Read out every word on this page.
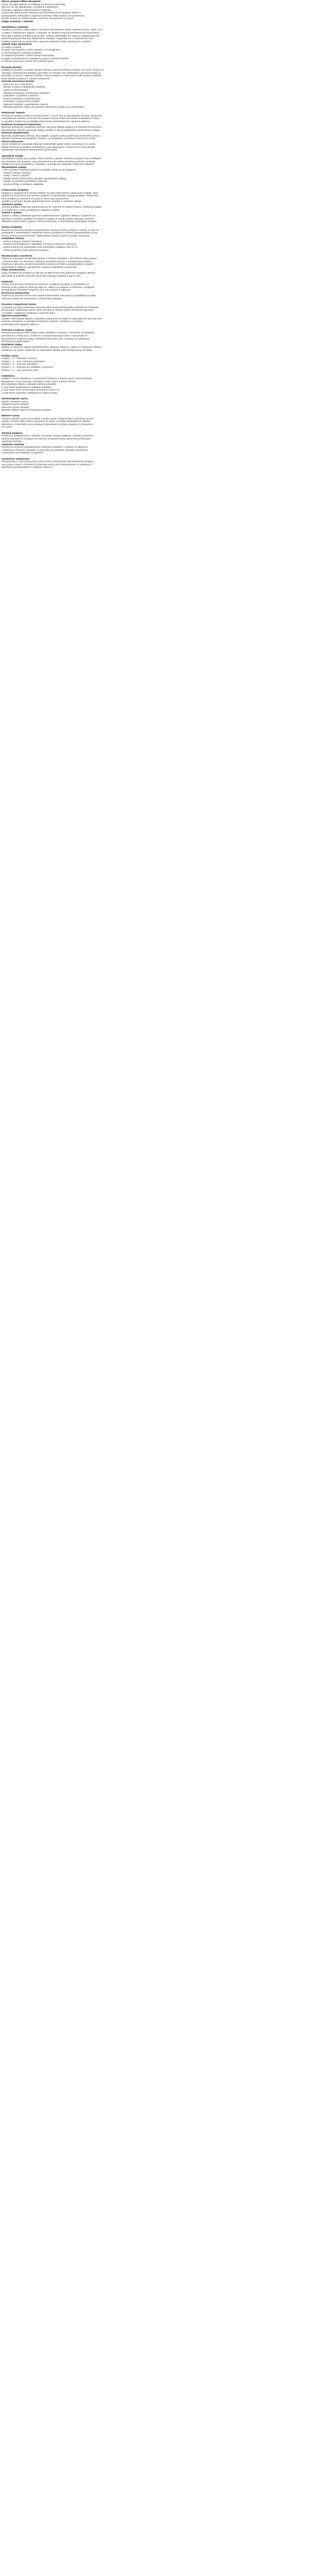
Hlavní příjemci/Main Recipient
Plnění dle této žádosti se vztahuje na smluvní podmínky,
kterými se řídí objednávka, schválená rozpočtová
pravidla a zadávací dokumentace Programu.
Žádost lze podat pouze elektronicky prostřednictvím aplikace ISKP21+
podepsaného statutárním orgánem žadatele nebo osobou jím pověřenou.
Podání žádosti je možné pouze v termínu stanoveném ve výzvě.
Údaje uvedené v žádosti:
Identifikace žadatele
Žadatel je povinen uvést úplné a pravdivé identifikační údaje, zejména název, sídlo, IČO
a údaje o statutárním orgánu. V případě, že žadatel jedná prostřednictvím zmocněnce,
musí být k žádosti přiložena plná moc. Změny identifikačních údajů je žadatel povinen
oznámit poskytovateli bez zbytečného odkladu, nejpozději do 15 pracovních dnů.
Žadatel odpovídá za správnost a úplnost veškerých údajů uvedených v žádosti.
Žádost musí obsahovat:
a) název projektu,
b) popis cílů projektu a jeho souladu s cíli programu,
c) harmonogram realizace projektu,
d) rozpočet projektu včetně zdrojů financování,
e) popis monitorovacích indikátorů a jejich cílových hodnot,
f) seznam povinných příloh dle pravidel výzvy.
Povinné přílohy
Žadatel je povinen k žádosti doložit všechny povinné přílohy uvedené ve výzvě. Přílohy se
vkládají v elektronické podobě, zpravidla ve formátu PDF. Nedoložení povinné přílohy je
důvodem k výzvě k doplnění žádosti. Pokud žadatel ve stanovené lhůtě přílohu nedoloží,
bude žádost vyřazena z dalšího hodnocení.
Seznam povinných příloh:
– plná moc (je-li relevantní),
– doklad o právní subjektivitě žadatele,
– studie proveditelnosti,
– doklady prokazující vlastnickou strukturu,
– prohlášení o podniku v obtížích,
– čestné prohlášení o bezdlužnosti,
– prohlášení o skutečném majiteli,
– rozpočet projektu v podrobném členění,
– stavební povolení nebo jiné opatření stavebního úřadu (je-li relevantní).
Hodnocení žádosti
Hodnocení žádostí probíhá ve dvou fázích. V první fázi je posuzována formální správnost
a přijatelnost žádosti, ve druhé fázi probíhá věcné hodnocení podle hodnoticích kritérií.
O výsledku hodnocení je žadatel informován prostřednictvím aplikace ISKP21+.
Kontrola formálních náležitostí
Kontrola formálních náležitostí ověřuje, zda byla žádost podána ve stanoveném termínu,
zda obsahuje všechny povinné údaje a přílohy a zda je podepsána oprávněnou osobou.
Kontrola přijatelnosti
Kontrola přijatelnosti ověřuje, zda žadatel i projekt splňují podmínky stanovené výzvou,
zejména oprávněnost žadatele, soulad s cíli programu a dodržení finančních limitů.
Věcné hodnocení
Věcné hodnocení provádějí nezávislí hodnotitelé podle kritérií uvedených ve výzvě.
Každé kritérium je bodově ohodnoceno; pro doporučení k financování musí projekt
dosáhnout minimálního stanoveného počtu bodů.
Způsobilé výdaje
Způsobilými výdaji jsou výdaje, které vznikly v období realizace projektu, jsou nezbytné
pro dosažení cílů projektu, jsou přiměřené a jsou řádně doloženy účetními doklady.
Výdaje musí být vynaloženy v souladu s pravidly pro zadávání veřejných zakázek.
Nezpůsobilé výdaje
– daň z přidané hodnoty, pokud má žadatel nárok na její odpočet,
– sankce, penále a pokuty,
– úroky z úvěrů a půjček,
– výdaje vzniklé před datem zahájení způsobilosti výdajů,
– výdaje na pořízení použitého vybavení,
– kurzové ztráty a bankovní poplatky.
Financování projektu
Podpora je poskytována formou dotace ex post nebo formou zálohových plateb. Výše
podpory je stanovena procentním podílem ze způsobilých výdajů projektu. Maximální
míra podpory je uvedena ve výzvě a nesmí být překročena.
Žadatel je povinen zajistit spolufinancování projektu z vlastních zdrojů.
Zálohové platby
Zálohová platba může být poskytnuta až do výše 40 % celkové dotace. Zálohová platba
je vyúčtována v rámci průběžných žádostí o platbu.
Žádost o platbu
Žádost o platbu předkládá příjemce prostřednictvím aplikace ISKP21+ společně se
zprávou o realizaci projektu. K žádosti o platbu je nutné přiložit soupisku účetních
dokladů a kopie faktur, výpisy z bankovního účtu a další doklady prokazující úhradu.
Změny projektu
Příjemce je povinen oznámit poskytovateli všechny změny projektu. Změny se dělí na
podstatné a nepodstatné. Podstatné změny podléhají schválení poskytovatele a jsou
řešeny změnou právního aktu. Nepodstatné změny příjemce pouze oznamuje.
Podstatné změny:
– změna cílových hodnot indikátorů,
– změna harmonogramu s dopadem na termín ukončení realizace,
– přesun finančních prostředků mezi kapitolami rozpočtu nad 15 %,
– změna příjemce nebo partnera projektu.
Monitorování a kontrola
Příjemce je povinen předkládat zprávy o realizaci projektu v termínech stanovených
v právním aktu. Po ukončení realizace předkládá zprávy o udržitelnosti projektu.
Příjemce je povinen umožnit provedení kontroly ze strany poskytovatele a dalších
oprávněných orgánů a poskytnout veškerou potřebnou součinnost.
Doba udržitelnosti
Doba udržitelnosti projektu je pět let od data finančního ukončení projektu. Během
této doby je příjemce povinen zachovat výstupy projektu a jejich účel.
Publicita
Příjemce je povinen informovat veřejnost o podpoře projektu z prostředků EU.
Povinné prvky publicity zahrnují logo EU, odkaz na program a informaci o podpoře
na webových stránkách příjemce, je-li jimi příjemce vybaven.
Archivace dokumentů
Příjemce je povinen archivovat veškeré dokumenty související s projektem po dobu
nejméně deseti let od ukončení udržitelnosti projektu.
Porušení rozpočtové kázně
V případě porušení podmínek právního aktu může poskytovatel rozhodnout o odvodu
za porušení rozpočtové kázně. Výše odvodu se stanoví podle závažnosti porušení
v souladu s tabulkou uvedenou v právním aktu.
Opravné prostředky
Žadatel může podat žádost o přezkum rozhodnutí ve lhůtě 15 kalendářních dnů ode dne
doručení oznámení o výsledku hodnocení. Žádost o přezkum se podává
prostřednictvím aplikace ISKP21+.
Ochrana osobních údajů
Poskytovatel zpracovává osobní údaje žadatelů v souladu s nařízením Evropského
parlamentu a Rady (EU) 2016/679 o ochraně fyzických osob v souvislosti se
zpracováním osobních údajů. Podrobné informace jsou uvedeny na webových
stránkách poskytovatele.
Kontaktní údaje
Dotazy k výzvě lze zasílat prostřednictvím aplikace ISKP21+ nebo na e-mailovou adresu
uvedenou ve výzvě. Odpovědi na nejčastější dotazy jsou zveřejňovány na webu.
Přílohy výzvy
Příloha č. 1 – Hodnoticí kritéria
Příloha č. 2 – Vzor čestného prohlášení
Příloha č. 3 – Seznam indikátorů
Příloha č. 4 – Pravidla pro žadatele a příjemce
Příloha č. 5 – Vzor právního aktu
Indikátory
Žadatel si zvolí indikátory z uvedeného seznamu a stanoví jejich cílové hodnoty.
Nenaplnění cílové hodnoty indikátoru může vést k uložení sankce.
Kód indikátoru Název indikátoru Měrná jednotka
1 000 Počet podpořených subjektů subjekty
2 100 Počet nově vytvořených pracovních míst FTE
3 200 Počet účastníků vzdělávacích aktivit osoby
Harmonogram výzvy
Datum vyhlášení výzvy:
Zahájení příjmu žádostí:
Ukončení příjmu žádostí:
Nejzazší datum ukončení realizace projektu:
Alokace výzvy
Celková alokace výzvy je uvedena v textu výzvy. Poskytovatel si vyhrazuje právo
alokaci navýšit nebo snížit v závislosti na počtu a kvalitě předložených žádostí.
Minimální a maximální výše celkových způsobilých výdajů projektu je stanovena
ve výzvě.
Veřejná podpora
Podpora je poskytována v souladu s pravidly veřejné podpory. Žadatel je povinen
doložit prohlášení o podpoře de minimis a dodržet limity stanovené příslušným
nařízením Komise.
Zadávání zakázek
Příjemce je povinen postupovat při zadávání zakázek v souladu se zákonem
o zadávání veřejných zakázek a s pravidly pro zadávání zakázek uvedenými
v pravidlech pro žadatele a příjemce.
Závěrečná ustanovení
Poskytovatel si vyhrazuje právo výzvu zrušit nebo změnit. Na poskytnutí podpory
není právní nárok. Informace o změnách výzvy jsou zveřejňovány na webových
stránkách poskytovatele a v aplikaci ISKP21+.
